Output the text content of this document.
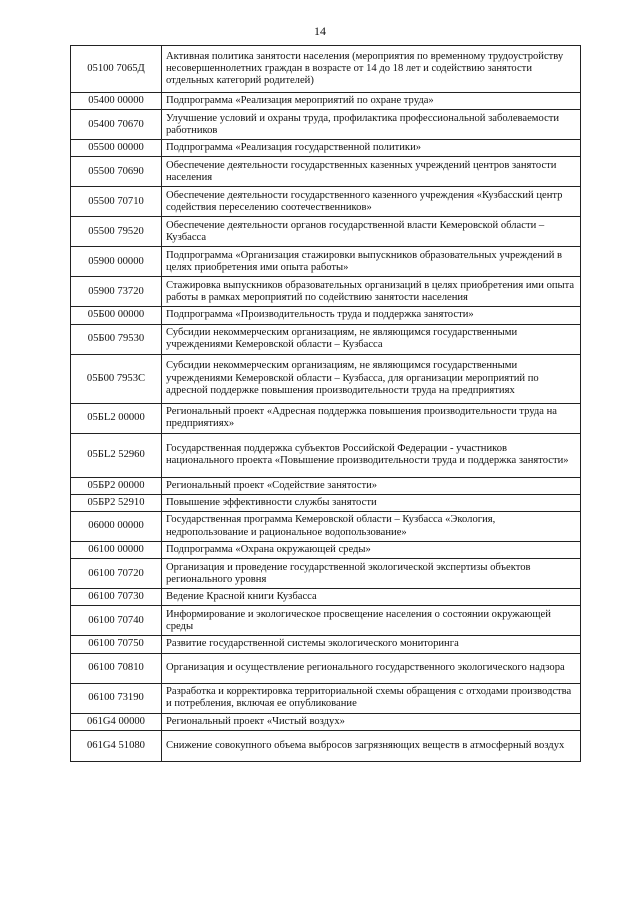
14
05100 7065Д	Активная политика занятости населения (мероприятия по временному трудоустройству несовершеннолетних граждан в возрасте от 14 до 18 лет и содействию занятости отдельных категорий родителей)
05400 00000	Подпрограмма «Реализация мероприятий по охране труда»
05400 70670	Улучшение условий и охраны труда, профилактика профессиональной заболеваемости работников
05500 00000	Подпрограмма «Реализация государственной политики»
05500 70690	Обеспечение деятельности государственных казенных учреждений центров занятости населения
05500 70710	Обеспечение деятельности государственного казенного учреждения «Кузбасский центр содействия переселению соотечественников»
05500 79520	Обеспечение деятельности органов государственной власти Кемеровской области – Кузбасса
05900 00000	Подпрограмма «Организация стажировки выпускников образовательных учреждений в целях приобретения ими опыта работы»
05900 73720	Стажировка выпускников образовательных организаций в целях приобретения ими опыта работы в рамках мероприятий по содействию занятости населения
05Б00 00000	Подпрограмма «Производительность труда и поддержка занятости»
05Б00 79530	Субсидии некоммерческим организациям, не являющимся государственными учреждениями Кемеровской области – Кузбасса
05Б00 7953С	Субсидии некоммерческим организациям, не являющимся государственными учреждениями Кемеровской области – Кузбасса, для организации мероприятий по адресной поддержке повышения производительности труда на предприятиях
05БL2 00000	Региональный проект «Адресная поддержка повышения производительности труда на предприятиях»
05БL2 52960	Государственная поддержка субъектов Российской Федерации - участников национального проекта «Повышение производительности труда и поддержка занятости»
05БР2 00000	Региональный проект «Содействие занятости»
05БР2 52910	Повышение эффективности службы занятости
06000 00000	Государственная программа Кемеровской области – Кузбасса «Экология, недропользование и рациональное водопользование»
06100 00000	Подпрограмма «Охрана окружающей среды»
06100 70720	Организация и проведение государственной экологической экспертизы объектов регионального уровня
06100 70730	Ведение Красной книги Кузбасса
06100 70740	Информирование и экологическое просвещение населения о состоянии окружающей среды
06100 70750	Развитие государственной системы экологического мониторинга
06100 70810	Организация и осуществление регионального государственного экологического надзора
06100 73190	Разработка и корректировка территориальной схемы обращения с отходами производства и потребления, включая ее опубликование
061G4 00000	Региональный проект «Чистый воздух»
061G4 51080	Снижение совокупного объема выбросов загрязняющих веществ в атмосферный воздух
